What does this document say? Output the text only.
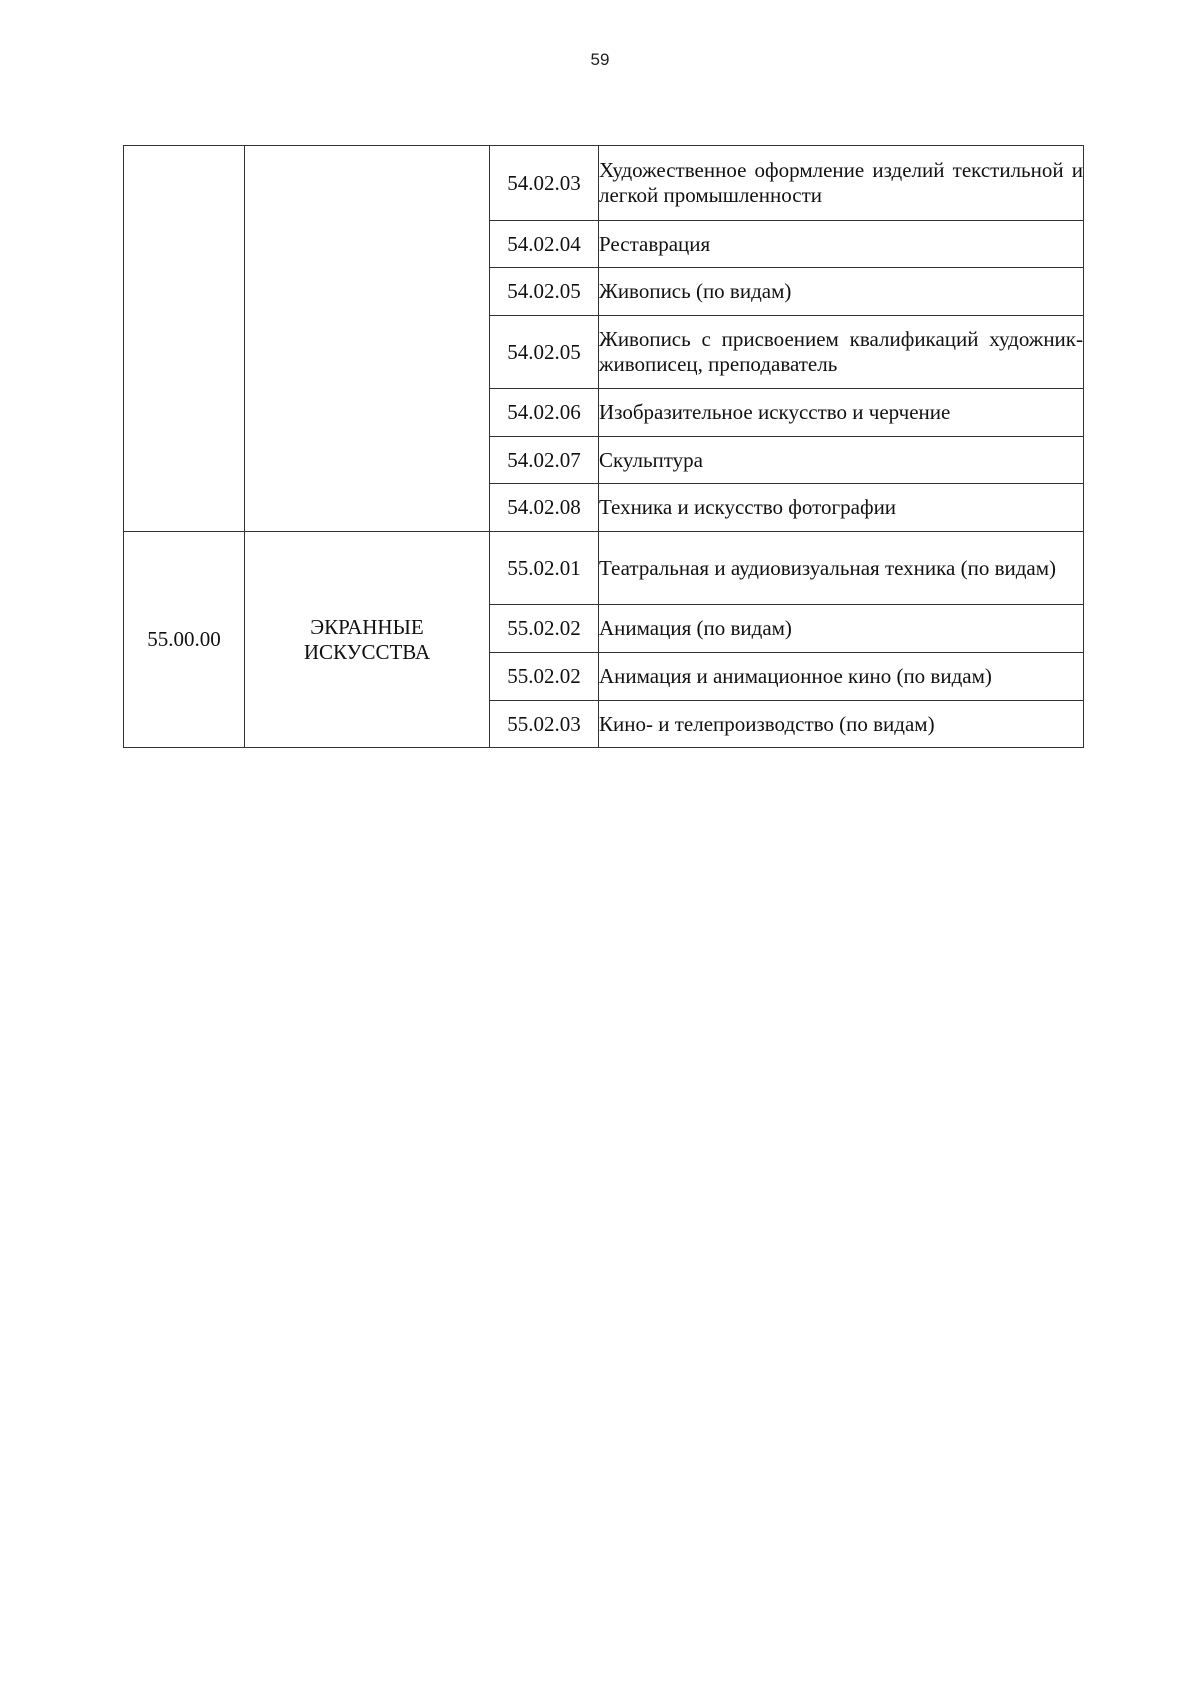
59
		54.02.03	Художественное оформление изделий текстильной и легкой промышленности

		54.02.04	Реставрация

		54.02.05	Живопись (по видам)

		54.02.05	Живопись с присвоением квалификаций художник-живописец, преподаватель

		54.02.06	Изобразительное искусство и черчение

		54.02.07	Скульптура

		54.02.08	Техника и искусство фотографии

55.00.00	ЭКРАННЫЕ ИСКУССТВА	55.02.01	Театральная и аудиовизуальная техника (по видам)

		55.02.02	Анимация (по видам)

		55.02.02	Анимация и анимационное кино (по видам)

		55.02.03	Кино- и телепроизводство (по видам)
